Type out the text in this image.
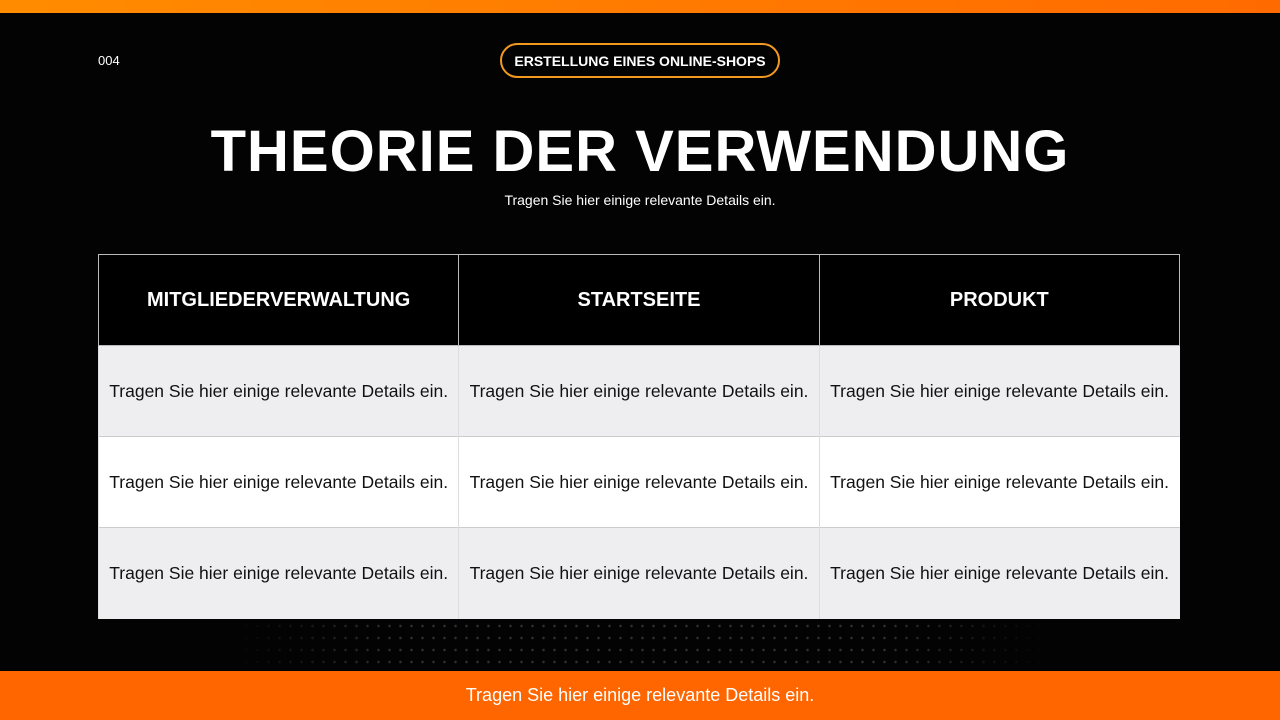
004	ERSTELLUNG EINES ONLINE-SHOPS
THEORIE DER VERWENDUNG
Tragen Sie hier einige relevante Details ein.
MITGLIEDERVERWALTUNG	STARTSEITE	PRODUKT
Tragen Sie hier einige relevante Details ein.	Tragen Sie hier einige relevante Details ein.	Tragen Sie hier einige relevante Details ein.
Tragen Sie hier einige relevante Details ein.	Tragen Sie hier einige relevante Details ein.	Tragen Sie hier einige relevante Details ein.
Tragen Sie hier einige relevante Details ein.	Tragen Sie hier einige relevante Details ein.	Tragen Sie hier einige relevante Details ein.
Tragen Sie hier einige relevante Details ein.
